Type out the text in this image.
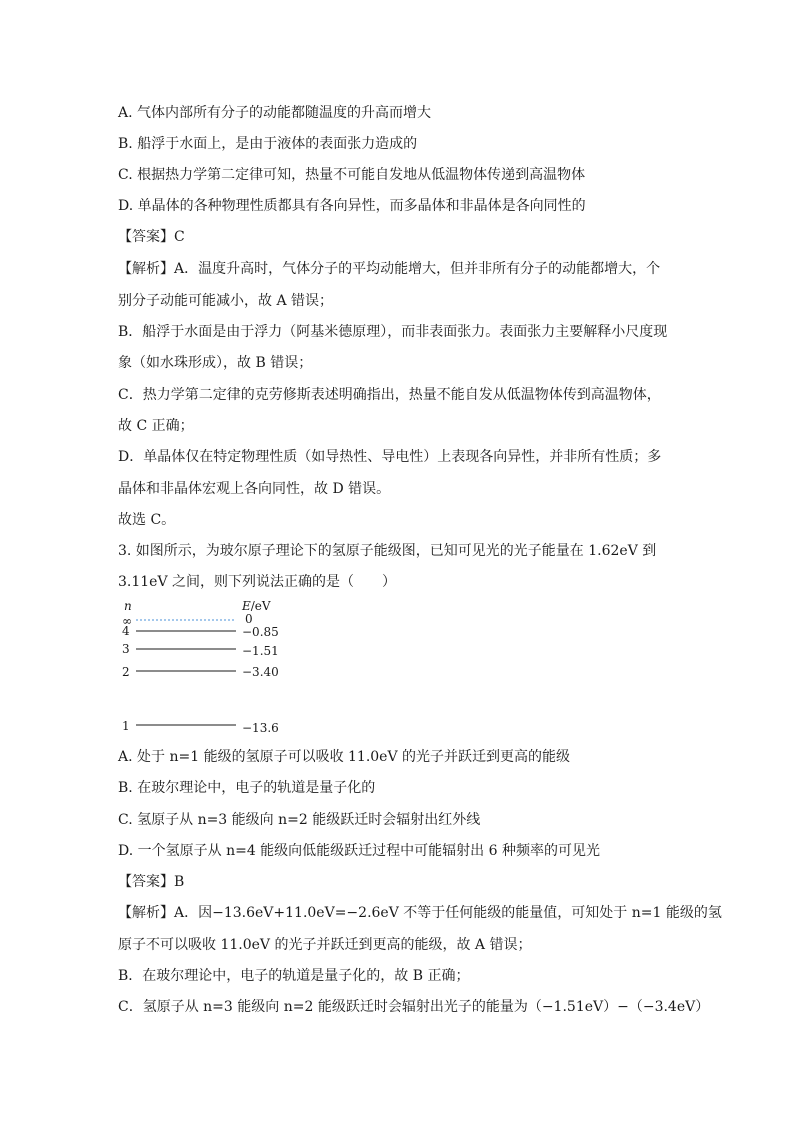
A. 气体内部所有分子的动能都随温度的升高而增大
B. 船浮于水面上，是由于液体的表面张力造成的
C. 根据热力学第二定律可知，热量不可能自发地从低温物体传递到高温物体
D. 单晶体的各种物理性质都具有各向异性，而多晶体和非晶体是各向同性的
【答案】C
【解析】A．温度升高时，气体分子的平均动能增大，但并非所有分子的动能都增大，个
别分子动能可能减小，故 A 错误；
B．船浮于水面是由于浮力（阿基米德原理），而非表面张力。表面张力主要解释小尺度现
象（如水珠形成），故 B 错误；
C．热力学第二定律的克劳修斯表述明确指出，热量不能自发从低温物体传到高温物体，
故 C 正确；
D．单晶体仅在特定物理性质（如导热性、导电性）上表现各向异性，并非所有性质；多
晶体和非晶体宏观上各向同性，故 D 错误。
故选 C。
3. 如图所示，为玻尔原子理论下的氢原子能级图，已知可见光的光子能量在 1.62eV 到
3.11eV 之间，则下列说法正确的是（　　）
n	E/eV
∞	0
4	−0.85
3	−1.51
2	−3.40
1	−13.6
A. 处于 n=1 能级的氢原子可以吸收 11.0eV 的光子并跃迁到更高的能级
B. 在玻尔理论中，电子的轨道是量子化的
C. 氢原子从 n=3 能级向 n=2 能级跃迁时会辐射出红外线
D. 一个氢原子从 n=4 能级向低能级跃迁过程中可能辐射出 6 种频率的可见光
【答案】B
【解析】A．因−13.6eV+11.0eV=−2.6eV 不等于任何能级的能量值，可知处于 n=1 能级的氢
原子不可以吸收 11.0eV 的光子并跃迁到更高的能级，故 A 错误；
B．在玻尔理论中，电子的轨道是量子化的，故 B 正确；
C．氢原子从 n=3 能级向 n=2 能级跃迁时会辐射出光子的能量为（−1.51eV）−（−3.4eV）
